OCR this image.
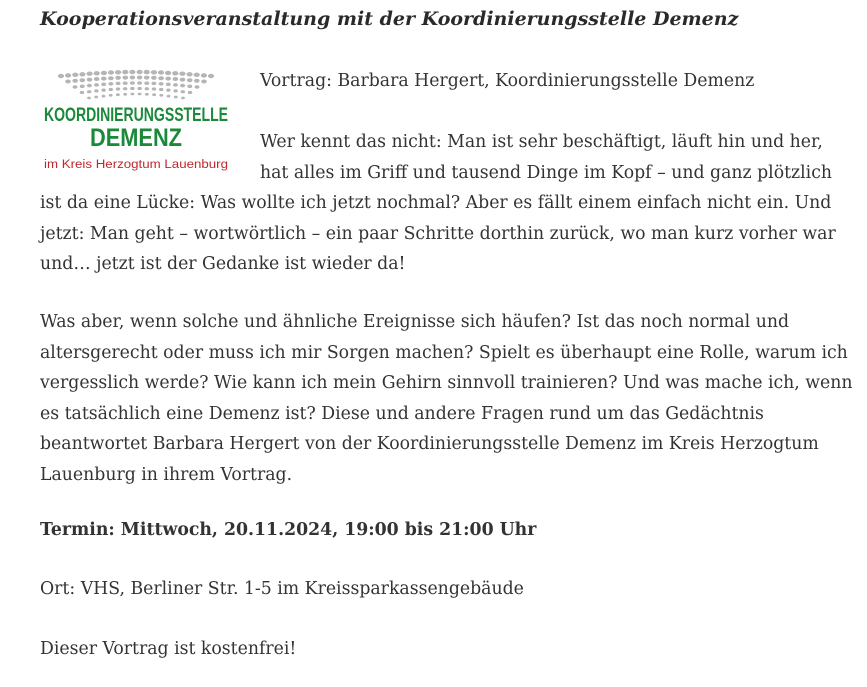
Kooperationsveranstaltung mit der Koordinierungsstelle Demenz
KOORDINIERUNGSSTELLE
DEMENZ
im Kreis Herzogtum Lauenburg
Vortrag: Barbara Hergert, Koordinierungsstelle Demenz

Wer kennt das nicht: Man ist sehr beschäftigt, läuft hin und her, hat alles im Griff und tausend Dinge im Kopf – und ganz plötzlich ist da eine Lücke: Was wollte ich jetzt nochmal? Aber es fällt einem einfach nicht ein. Und jetzt: Man geht – wortwörtlich – ein paar Schritte dorthin zurück, wo man kurz vorher war und… jetzt ist der Gedanke ist wieder da!

Was aber, wenn solche und ähnliche Ereignisse sich häufen? Ist das noch normal und altersgerecht oder muss ich mir Sorgen machen? Spielt es überhaupt eine Rolle, warum ich vergesslich werde? Wie kann ich mein Gehirn sinnvoll trainieren? Und was mache ich, wenn es tatsächlich eine Demenz ist? Diese und andere Fragen rund um das Gedächtnis beantwortet Barbara Hergert von der Koordinierungsstelle Demenz im Kreis Herzogtum Lauenburg in ihrem Vortrag.

Termin: Mittwoch, 20.11.2024, 19:00 bis 21:00 Uhr
Ort: VHS, Berliner Str. 1-5 im Kreissparkassengebäude
Dieser Vortrag ist kostenfrei!
